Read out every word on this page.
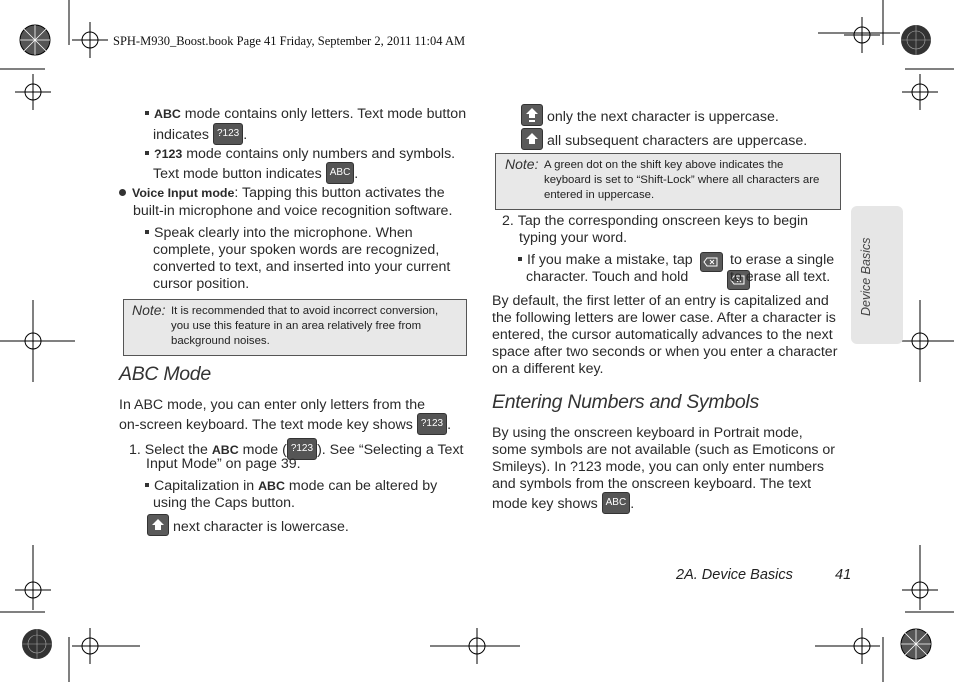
SPH-M930_Boost.book Page 41 Friday, September 2, 2011 11:04 AM
ABC mode contains only letters. Text mode button
indicates ?123 .
?123 mode contains only numbers and symbols.
Text mode button indicates ABC .
Voice Input mode: Tapping this button activates the
built-in microphone and voice recognition software.
Speak clearly into the microphone. When
complete, your spoken words are recognized,
converted to text, and inserted into your current
cursor position.
Note: It is recommended that to avoid incorrect conversion,
you use this feature in an area relatively free from
background noises.
ABC Mode
In ABC mode, you can enter only letters from the
on-screen keyboard. The text mode key shows ?123 .
1. Select the ABC mode ( ?123 ). See “Selecting a Text
Input Mode” on page 39.
Capitalization in ABC mode can be altered by
using the Caps button.
next character is lowercase.
only the next character is uppercase.
all subsequent characters are uppercase.
Note: A green dot on the shift key above indicates the
keyboard is set to “Shift-Lock” where all characters are
entered in uppercase.
2. Tap the corresponding onscreen keys to begin
typing your word.
If you make a mistake, tap
	to erase a single
character. Touch and hold	to erase all text.
By default, the first letter of an entry is capitalized and
the following letters are lower case. After a character is
entered, the cursor automatically advances to the next
space after two seconds or when you enter a character
on a different key.
Entering Numbers and Symbols
By using the onscreen keyboard in Portrait mode,
some symbols are not available (such as Emoticons or
Smileys). In ?123 mode, you can only enter numbers
and symbols from the onscreen keyboard. The text
mode key shows ABC .
Device Basics
2A. Device Basics	41
